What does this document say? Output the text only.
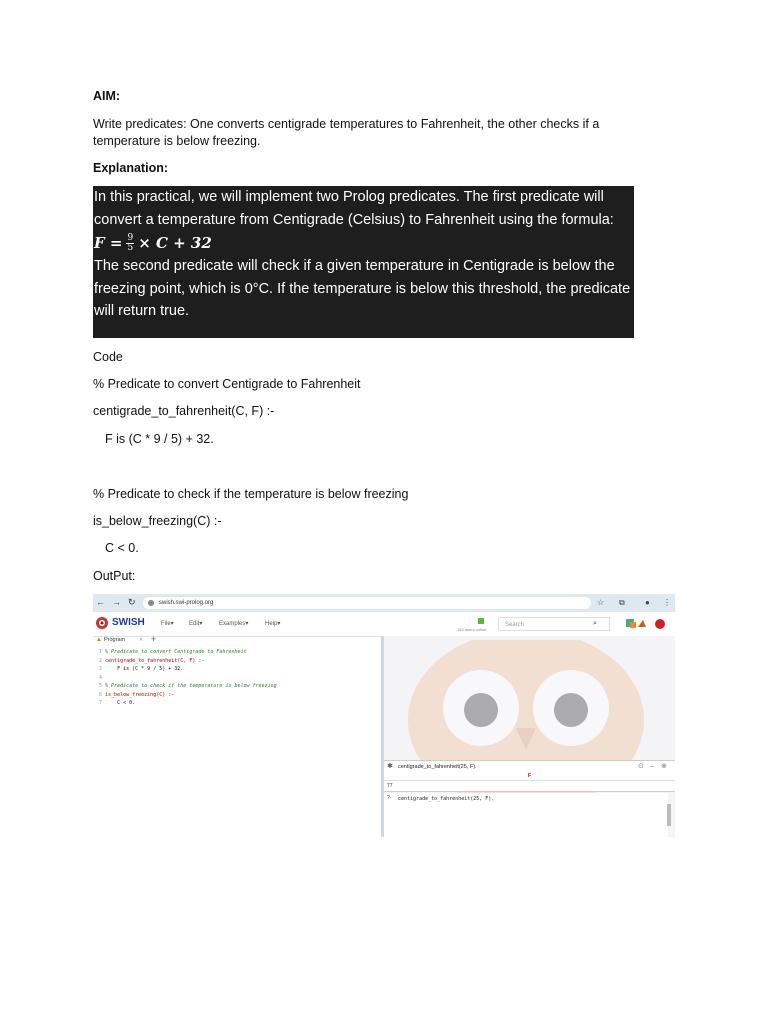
AIM:
Write predicates: One converts centigrade temperatures to Fahrenheit, the other checks if a
temperature is below freezing.
Explanation:

In this practical, we will implement two Prolog predicates. The first predicate will convert a temperature from Centigrade (Celsius) to Fahrenheit using the formula:

$F = \frac{9}{5} \times C + 32$

The second predicate will check if a given temperature in Centigrade is below the freezing point, which is 0°C. If the temperature is below this threshold, the predicate will return true.

Code
% Predicate to convert Centigrade to Fahrenheit
centigrade_to_fahrenheit(C, F) :-
F is (C * 9 / 5) + 32.
% Predicate to check if the temperature is below freezing
is_below_freezing(C) :-
C < 0.
OutPut:
← → ↻	swish.swi-prolog.org	☆ ⧉	● ⋮
SWISH	File▾	Edit▾	Examples▾	Help▾
153 users online
Search	⌕
▲ Program	✕ +
1 % Predicate to convert Centigrade to Fahrenheit
2 centigrade_to_fahrenheit(C, F) :-
3     F is (C * 9 / 5) + 32.
4
5 % Predicate to check if the temperature is below freezing
6 is_below_freezing(C) :-
7     C < 0.
✱ centigrade_to_fahrenheit(25, F).	⊙ – ⊗
F
77
?- centigrade_to_fahrenheit(25, F).
